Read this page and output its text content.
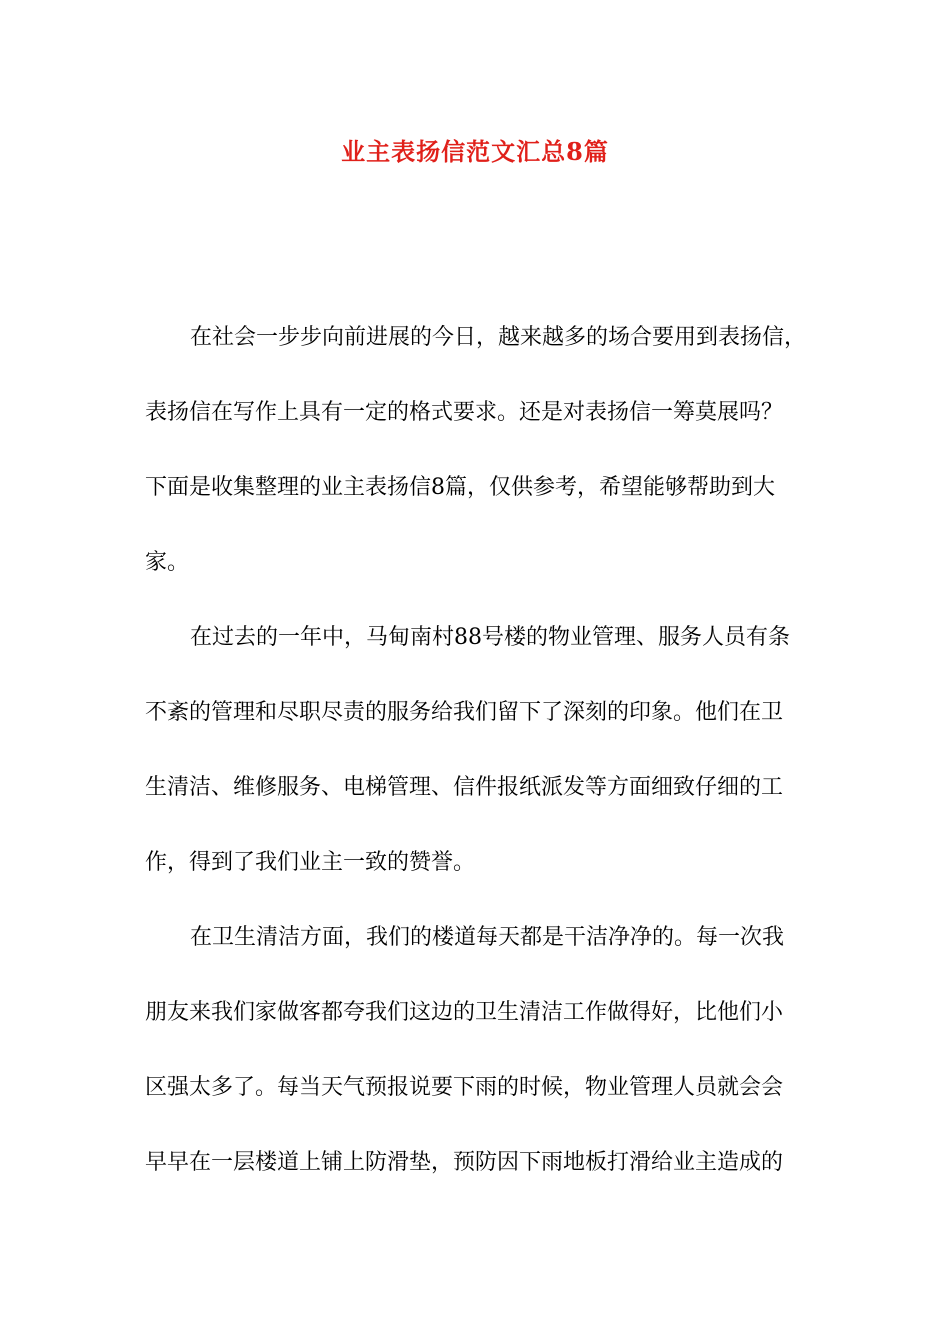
业主表扬信范文汇总8篇
在社会一步步向前进展的今日，越来越多的场合要用到表扬信，
表扬信在写作上具有一定的格式要求。还是对表扬信一筹莫展吗？
下面是收集整理的业主表扬信8篇，仅供参考，希望能够帮助到大
家。
在过去的一年中，马甸南村88号楼的物业管理、服务人员有条
不紊的管理和尽职尽责的服务给我们留下了深刻的印象。他们在卫
生清洁、维修服务、电梯管理、信件报纸派发等方面细致仔细的工
作，得到了我们业主一致的赞誉。
在卫生清洁方面，我们的楼道每天都是干洁净净的。每一次我
朋友来我们家做客都夸我们这边的卫生清洁工作做得好，比他们小
区强太多了。每当天气预报说要下雨的时候，物业管理人员就会会
早早在一层楼道上铺上防滑垫，预防因下雨地板打滑给业主造成的
